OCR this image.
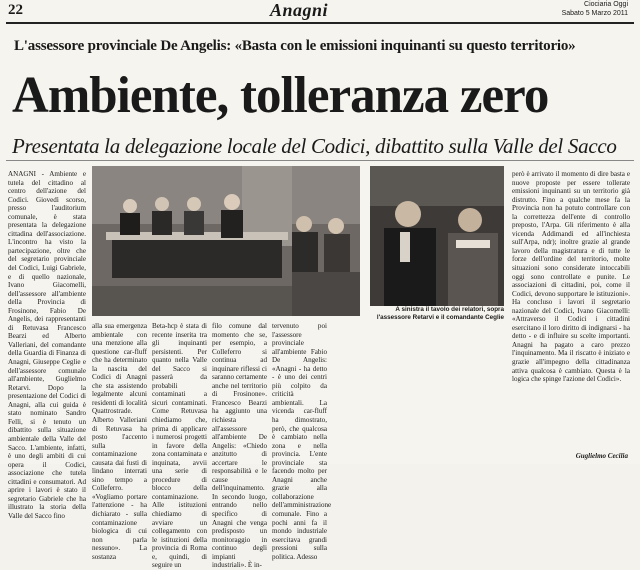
22	Anagni	Ciociaria Oggi
Sabato 5 Marzo 2011
L'assessore provinciale De Angelis: «Basta con le emissioni inquinanti su questo territorio»
Ambiente, tolleranza zero
Presentata la delegazione locale del Codici, dibattito sulla Valle del Sacco
ANAGNI - Ambiente e tutela del cittadino al centro dell'azione del Codici. Giovedì scorso, presso l'auditorium comunale, è stata presentata la delegazione cittadina dell'associazione. L'incontro ha visto la partecipazione, oltre che del segretario provinciale del Codici, Luigi Gabriele, e di quello nazionale, Ivano Giacomelli, dell'assessore all'ambiente della Provincia di Frosinone, Fabio De Angelis, dei rappresentanti di Retuvasa Francesco Bearzi ed Alberto Valleriani, del comandante della Guardia di Finanza di Anagni, Giuseppe Ceglie e dell'assessore comunale all'ambiente, Guglielmo Retarvi. Dopo la presentazione del Codici di Anagni, alla cui guida è stato nominato Sandro Felli, si è tenuto un dibattito sulla situazione ambientale della Valle del Sacco. L'ambiente, infatti, è uno degli ambiti di cui opera il Codici, associazione che tutela cittadini e consumatori. Ad aprire i lavori è stato il segretario Gabriele che ha illustrato la storia della Valle del Sacco fino
A sinistra il tavolo dei relatori, sopra l'assessore Retarvi e il comandante Ceglie
alla sua emergenza ambientale con una menzione alla questione car-fluff che ha determinato la nascita del Codici di Anagni che sta assistendo legalmente alcuni residenti di località Quattrostrade. Alberto Valleriani di Retuvasa ha posto l'accento sulla contaminazione causata dai fusti di lindano interrati sino tempo a Colleferro. «Vogliamo portare l'attenzione - ha dichiarato - sulla contaminazione biologica di cui non parla nessuno». La sostanza
Beta-hcp è stata di recente inserita tra gli inquinanti persistenti. Per quanto nella Valle del Sacco si passerà da probabili contaminati a sicuri contaminati. Come Retuvasa chiediamo che, prima di applicare i numerosi progetti in favore della zona contaminata e inquinata, avvii una serie di procedure di blocco della contaminazione. Alle istituzioni chiediamo di avviare un collegamento con le istituzioni della provincia di Roma e, quindi, di seguire un
filo comune dal momento che se, per esempio, a Colleferro si continua ad inquinare riflessi ci saranno certamente anche nel territorio di Frosinone». Francesco Bearzi ha aggiunto una richiesta all'assessore all'ambiente De Angelis: «Chiedo anzitutto di accertare le responsabilità e le cause dell'inquinamento. In secondo luogo, entrando nello specifico di Anagni che venga predisposto un monitoraggio in continuo degli impianti industriali». È in-
tervenuto poi l'assessore provinciale all'ambiente Fabio De Angelis: «Anagni - ha detto - è uno dei centri più colpito da criticità ambientali. La vicenda car-fluff ha dimostrato, però, che qualcosa è cambiato nella zona e nella provincia. L'ente provinciale sta facendo molto per Anagni anche grazie alla collaborazione dell'amministrazione comunale. Fino a pochi anni fa il mondo industriale esercitava grandi pressioni sulla politica. Adesso
però è arrivato il momento di dire basta e nuove proposte per essere tollerate emissioni inquinanti su un territorio già distrutto. Fino a qualche mese fa la Provincia non ha potuto controllare con la correttezza dell'ente di controllo preposto, l'Arpa. Gli riferimento è alla vicenda Addimandi ed all'inchiesta sull'Arpa, ndr); inoltre grazie al grande lavoro della magistratura e di tutte le forze dell'ordine del territorio, molte situazioni sono considerate intoccabili oggi sono controllate e punite. Le associazioni di cittadini, poi, come il Codici, devono supportare le istituzioni». Ha concluso i lavori il segretario nazionale del Codici, Ivano Giacomelli: «Attraverso il Codici i cittadini esercitano il loro diritto di indignarsi - ha detto - e di influire su scelte importanti. Anagni ha pagato a caro prezzo l'inquinamento. Ma il riscatto è iniziato e grazie all'impegno della cittadinanza attiva qualcosa è cambiato. Questa è la logica che spinge l'azione del Codici».
Guglielmo Cecilia
